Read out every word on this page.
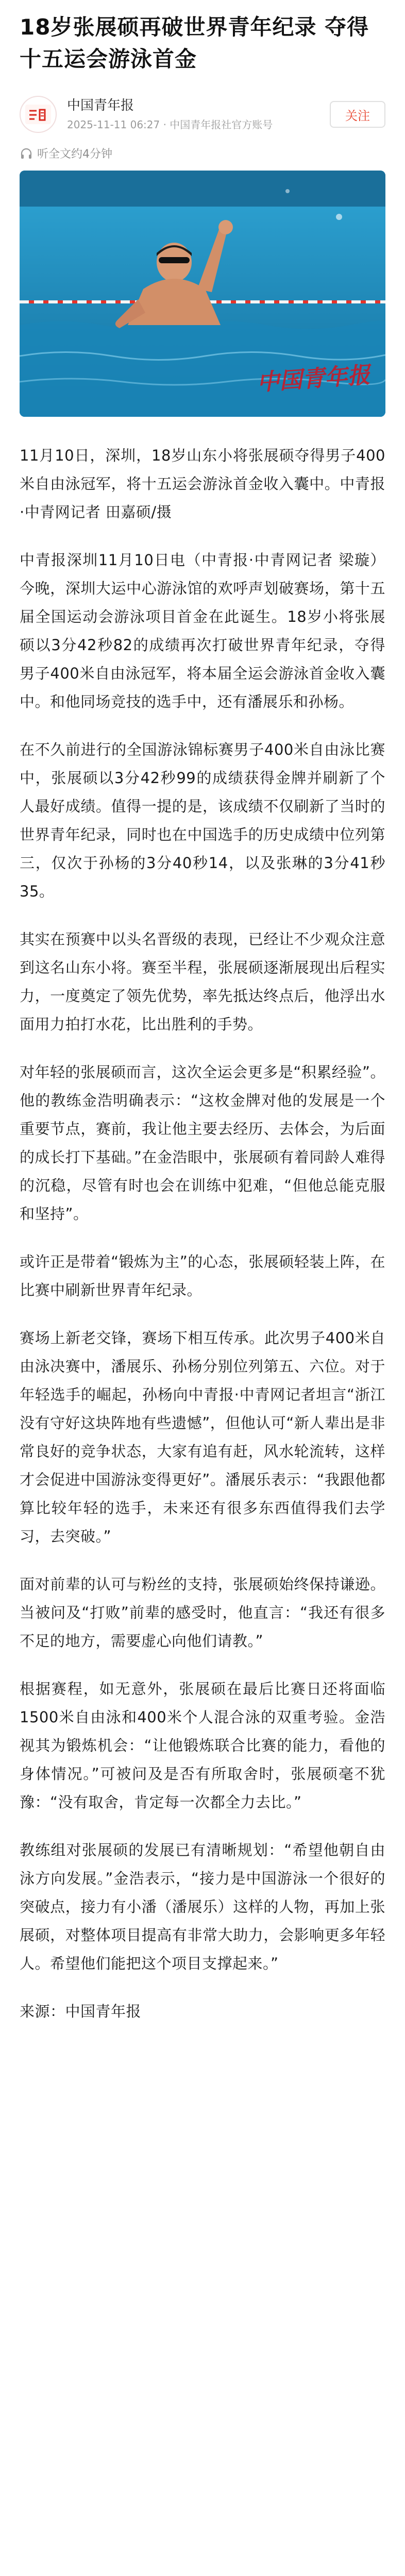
18岁张展硕再破世界青年纪录 夺得十五运会游泳首金
中国青年报
2025-11-11 06:27 · 中国青年报社官方账号
关注
听全文约4分钟
中国青年报

11月10日，深圳，18岁山东小将张展硕夺得男子400米自由泳冠军，将十五运会游泳首金收入囊中。中青报·中青网记者 田嘉硕/摄

中青报深圳11月10日电（中青报·中青网记者 梁璇）今晚，深圳大运中心游泳馆的欢呼声划破赛场，第十五届全国运动会游泳项目首金在此诞生。18岁小将张展硕以3分42秒82的成绩再次打破世界青年纪录，夺得男子400米自由泳冠军，将本届全运会游泳首金收入囊中。和他同场竞技的选手中，还有潘展乐和孙杨。

在不久前进行的全国游泳锦标赛男子400米自由泳比赛中，张展硕以3分42秒99的成绩获得金牌并刷新了个人最好成绩。值得一提的是，该成绩不仅刷新了当时的世界青年纪录，同时也在中国选手的历史成绩中位列第三，仅次于孙杨的3分40秒14，以及张琳的3分41秒35。

其实在预赛中以头名晋级的表现，已经让不少观众注意到这名山东小将。赛至半程，张展硕逐渐展现出后程实力，一度奠定了领先优势，率先抵达终点后，他浮出水面用力拍打水花，比出胜利的手势。

对年轻的张展硕而言，这次全运会更多是“积累经验”。他的教练金浩明确表示：“这枚金牌对他的发展是一个重要节点，赛前，我让他主要去经历、去体会，为后面的成长打下基础。”在金浩眼中，张展硕有着同龄人难得的沉稳，尽管有时也会在训练中犯难，“但他总能克服和坚持”。

或许正是带着“锻炼为主”的心态，张展硕轻装上阵，在比赛中刷新世界青年纪录。

赛场上新老交锋，赛场下相互传承。此次男子400米自由泳决赛中，潘展乐、孙杨分别位列第五、六位。对于年轻选手的崛起，孙杨向中青报·中青网记者坦言“浙江没有守好这块阵地有些遗憾”，但他认可“新人辈出是非常良好的竞争状态，大家有追有赶，风水轮流转，这样才会促进中国游泳变得更好”。潘展乐表示：“我跟他都算比较年轻的选手，未来还有很多东西值得我们去学习，去突破。”

面对前辈的认可与粉丝的支持，张展硕始终保持谦逊。当被问及“打败”前辈的感受时，他直言：“我还有很多不足的地方，需要虚心向他们请教。”

根据赛程，如无意外，张展硕在最后比赛日还将面临1500米自由泳和400米个人混合泳的双重考验。金浩视其为锻炼机会：“让他锻炼联合比赛的能力，看他的身体情况。”可被问及是否有所取舍时，张展硕毫不犹豫：“没有取舍，肯定每一次都全力去比。”

教练组对张展硕的发展已有清晰规划：“希望他朝自由泳方向发展。”金浩表示，“接力是中国游泳一个很好的突破点，接力有小潘（潘展乐）这样的人物，再加上张展硕，对整体项目提高有非常大助力，会影响更多年轻人。希望他们能把这个项目支撑起来。”

来源：中国青年报
